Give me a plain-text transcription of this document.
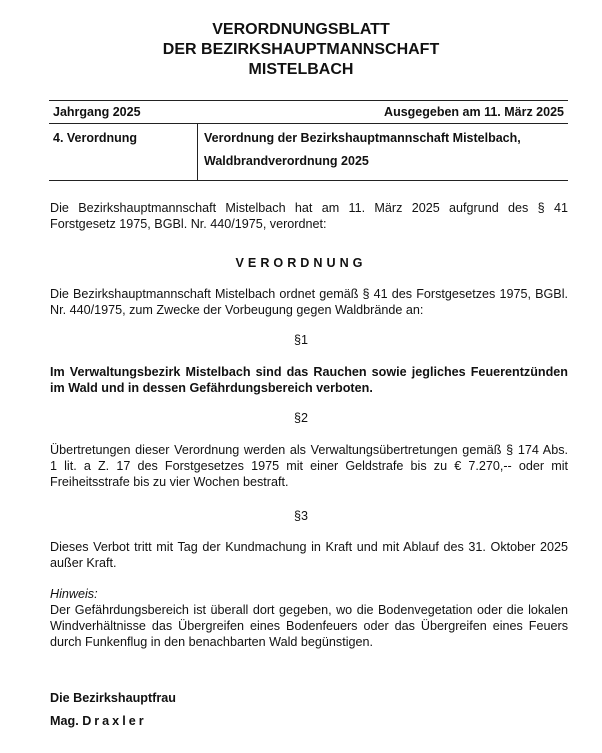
VERORDNUNGSBLATT
DER BEZIRKSHAUPTMANNSCHAFT
MISTELBACH
Jahrgang 2025	Ausgegeben am 11. März 2025
4. Verordnung	Verordnung der Bezirkshauptmannschaft Mistelbach,
Waldbrandverordnung 2025

Die Bezirkshauptmannschaft Mistelbach hat am 11. März 2025 aufgrund des § 41 Forstgesetz 1975, BGBl. Nr. 440/1975, verordnet:

VERORDNUNG

Die Bezirkshauptmannschaft Mistelbach ordnet gemäß § 41 des Forstgesetzes 1975, BGBl. Nr. 440/1975, zum Zwecke der Vorbeugung gegen Waldbrände an:

§1

Im Verwaltungsbezirk Mistelbach sind das Rauchen sowie jegliches Feuerentzünden im Wald und in dessen Gefährdungsbereich verboten.

§2

Übertretungen dieser Verordnung werden als Verwaltungsübertretungen gemäß § 174 Abs. 1 lit. a Z. 17 des Forstgesetzes 1975 mit einer Geldstrafe bis zu € 7.270,-- oder mit Freiheitsstrafe bis zu vier Wochen bestraft.

§3

Dieses Verbot tritt mit Tag der Kundmachung in Kraft und mit Ablauf des 31. Oktober 2025 außer Kraft.

Hinweis:
Der Gefährdungsbereich ist überall dort gegeben, wo die Bodenvegetation oder die lokalen Windverhältnisse das Übergreifen eines Bodenfeuers oder das Übergreifen eines Feuers durch Funkenflug in den benachbarten Wald begünstigen.

Die Bezirkshauptfrau

Mag. Draxler
